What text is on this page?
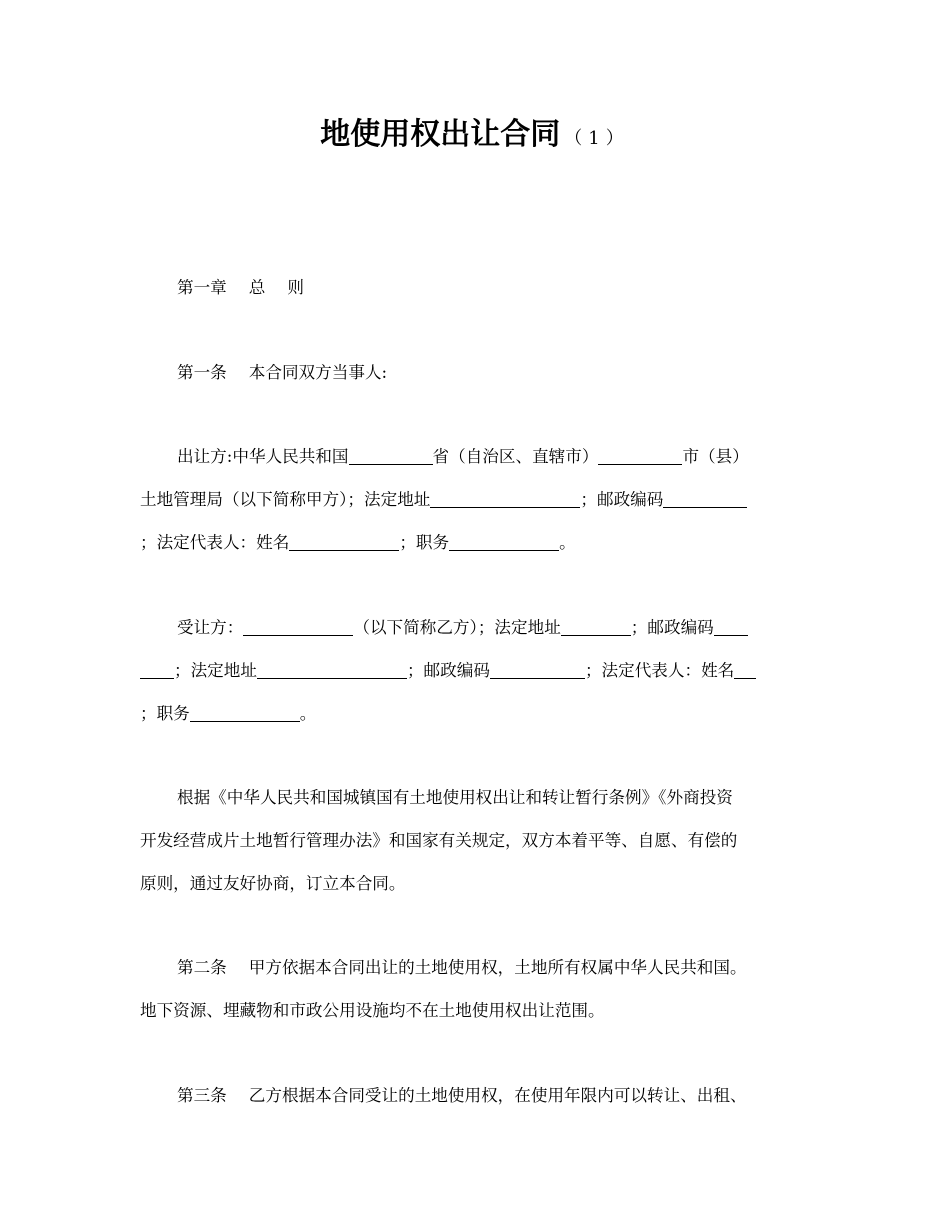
地使用权出让合同 （1）
第一章 总 则
第一条 本合同双方当事人:
出让方:中华人民共和国	省（自治区、直辖市）	市（县）
土地管理局（以下简称甲方）；法定地址	；邮政编码
；法定代表人：姓名	；职务	。
受让方：	（以下简称乙方）；法定地址	；邮政编码
；法定地址	；邮政编码	；法定代表人：姓名
；职务	。
根据《中华人民共和国城镇国有土地使用权出让和转让暂行条例》《外商投资
开发经营成片土地暂行管理办法》和国家有关规定，双方本着平等、自愿、有偿的
原则，通过友好协商，订立本合同。
第二条 甲方依据本合同出让的土地使用权，土地所有权属中华人民共和国。
地下资源、埋藏物和市政公用设施均不在土地使用权出让范围。
第三条 乙方根据本合同受让的土地使用权，在使用年限内可以转让、出租、
